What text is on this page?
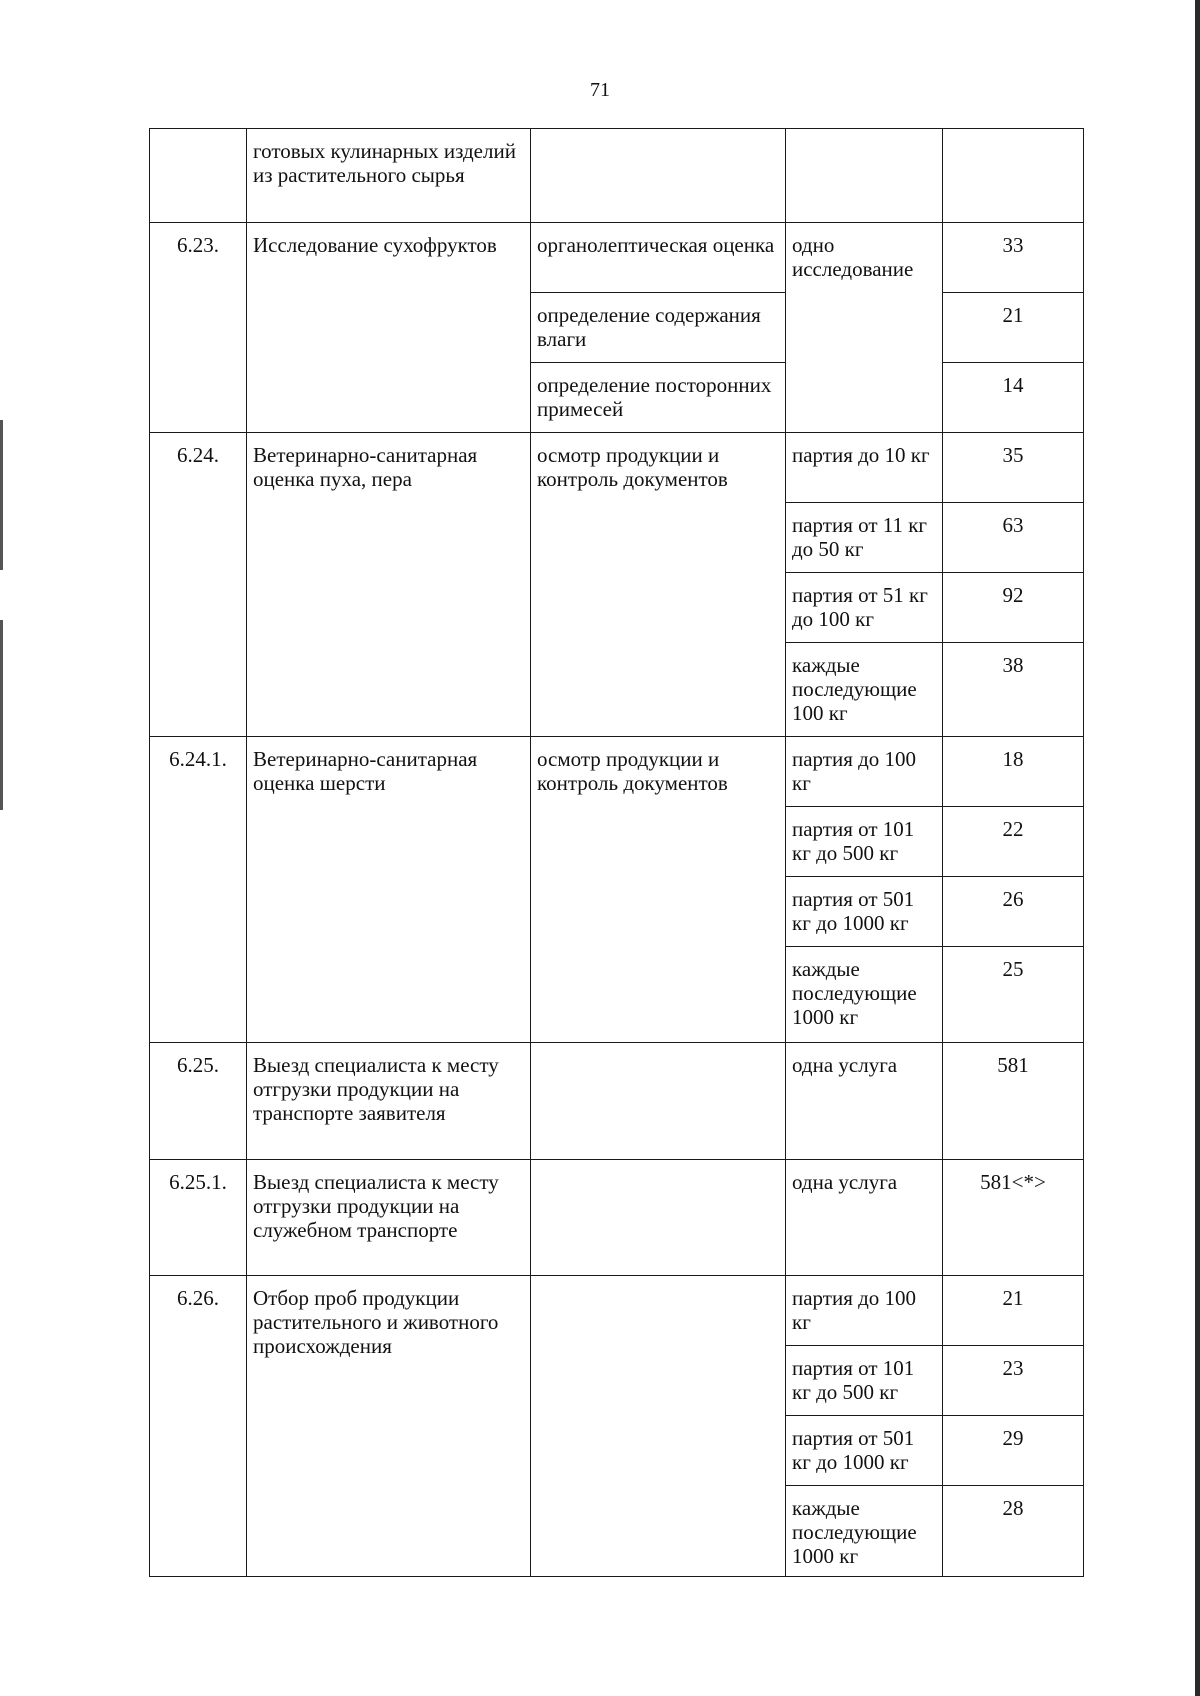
71
	готовых кулинарных изделий из растительного сырья			
6.23.	Исследование сухофруктов	органолептическая оценка	одно исследование	33
		определение содержания влаги		21
		определение посторонних примесей		14
6.24.	Ветеринарно-санитарная оценка пуха, пера	осмотр продукции и контроль документов	партия до 10 кг	35
			партия от 11 кг до 50 кг	63
			партия от 51 кг до 100 кг	92
			каждые последующие 100 кг	38
6.24.1.	Ветеринарно-санитарная оценка шерсти	осмотр продукции и контроль документов	партия до 100 кг	18
			партия от 101 кг до 500 кг	22
			партия от 501 кг до 1000 кг	26
			каждые последующие 1000 кг	25
6.25.	Выезд специалиста к месту отгрузки продукции на транспорте заявителя		одна услуга	581
6.25.1.	Выезд специалиста к месту отгрузки продукции на служебном транспорте		одна услуга	581<*>
6.26.	Отбор проб продукции растительного и животного происхождения		партия до 100 кг	21
			партия от 101 кг до 500 кг	23
			партия от 501 кг до 1000 кг	29
			каждые последующие 1000 кг	28
